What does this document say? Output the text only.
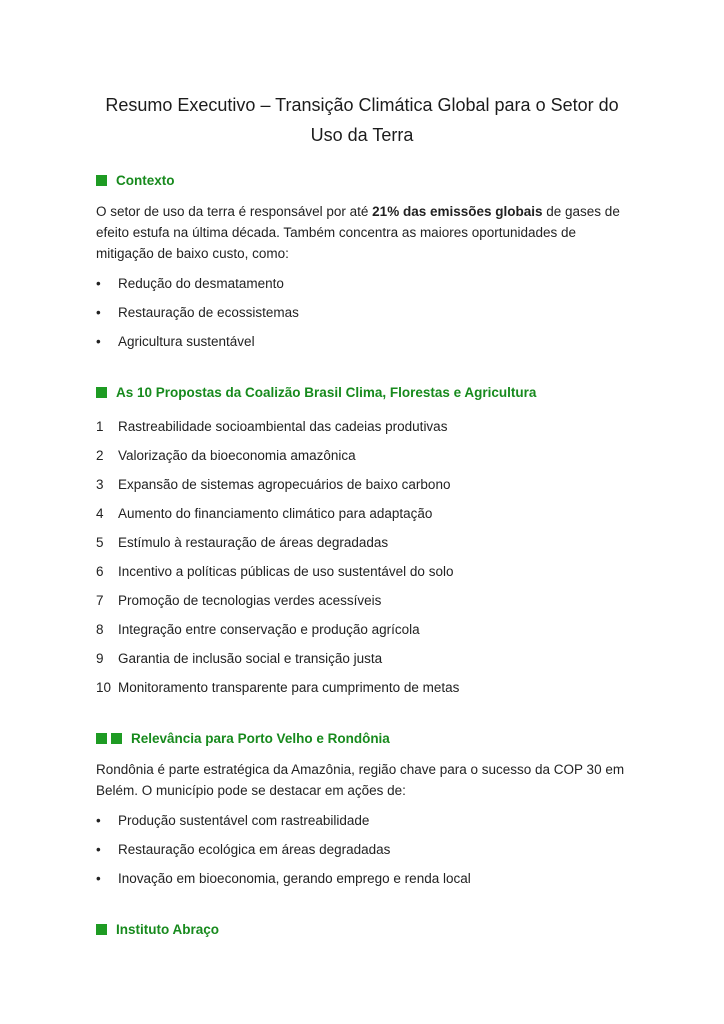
Resumo Executivo – Transição Climática Global para o Setor do Uso da Terra
Contexto

O setor de uso da terra é responsável por até 21% das emissões globais de gases de efeito estufa na última década. Também concentra as maiores oportunidades de mitigação de baixo custo, como:

•	Redução do desmatamento
•	Restauração de ecossistemas
•	Agricultura sustentável
As 10 Propostas da Coalizão Brasil Clima, Florestas e Agricultura
1	Rastreabilidade socioambiental das cadeias produtivas
2	Valorização da bioeconomia amazônica
3	Expansão de sistemas agropecuários de baixo carbono
4	Aumento do financiamento climático para adaptação
5	Estímulo à restauração de áreas degradadas
6	Incentivo a políticas públicas de uso sustentável do solo
7	Promoção de tecnologias verdes acessíveis
8	Integração entre conservação e produção agrícola
9	Garantia de inclusão social e transição justa
10 Monitoramento transparente para cumprimento de metas
Relevância para Porto Velho e Rondônia

Rondônia é parte estratégica da Amazônia, região chave para o sucesso da COP 30 em Belém. O município pode se destacar em ações de:

•	Produção sustentável com rastreabilidade
•	Restauração ecológica em áreas degradadas
•	Inovação em bioeconomia, gerando emprego e renda local
Instituto Abraço
